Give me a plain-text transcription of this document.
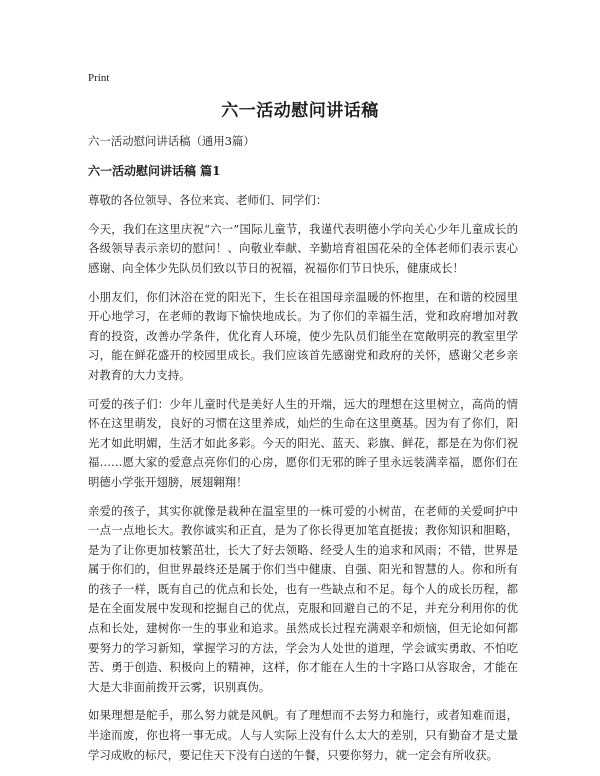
Print
六一活动慰问讲话稿

六一活动慰问讲话稿（通用3篇）

六一活动慰问讲话稿 篇1

尊敬的各位领导、各位来宾、老师们、同学们：

今天，我们在这里庆祝“六一”国际儿童节，我谨代表明德小学向关心少年儿童成长的各级领导表示亲切的慰问！、向敬业奉献、辛勤培育祖国花朵的全体老师们表示衷心感谢、向全体少先队员们致以节日的祝福，祝福你们节日快乐，健康成长！

小朋友们，你们沐浴在党的阳光下，生长在祖国母亲温暖的怀抱里，在和谐的校园里开心地学习，在老师的教诲下愉快地成长。为了你们的幸福生活，党和政府增加对教育的投资，改善办学条件，优化育人环境，使少先队员们能坐在宽敞明亮的教室里学习，能在鲜花盛开的校园里成长。我们应该首先感谢党和政府的关怀，感谢父老乡亲对教育的大力支持。

可爱的孩子们：少年儿童时代是美好人生的开端，远大的理想在这里树立，高尚的情怀在这里萌发，良好的习惯在这里养成，灿烂的生命在这里奠基。因为有了你们，阳光才如此明媚，生活才如此多彩。今天的阳光、蓝天、彩旗、鲜花，都是在为你们祝福……愿大家的爱意点亮你们的心房，愿你们无邪的眸子里永远装满幸福，愿你们在明德小学张开翅膀，展翅翱翔！

亲爱的孩子，其实你就像是栽种在温室里的一株可爱的小树苗，在老师的关爱呵护中一点一点地长大。教你诚实和正直，是为了你长得更加笔直挺拔；教你知识和胆略，是为了让你更加枝繁茁壮，长大了好去领略、经受人生的追求和风雨；不错，世界是属于你们的，但世界最终还是属于你们当中健康、自强、阳光和智慧的人。你和所有的孩子一样，既有自己的优点和长处，也有一些缺点和不足。每个人的成长历程，都是在全面发展中发现和挖掘自己的优点，克服和回避自己的不足，并充分利用你的优点和长处，建树你一生的事业和追求。虽然成长过程充满艰辛和烦恼，但无论如何都要努力的学习新知，掌握学习的方法，学会为人处世的道理，学会诚实勇敢、不怕吃苦、勇于创造、积极向上的精神，这样，你才能在人生的十字路口从容取舍，才能在大是大非面前拨开云雾，识别真伪。

如果理想是舵手，那么努力就是风帆。有了理想而不去努力和施行，或者知难而退，半途而废，你也将一事无成。人与人实际上没有什么太大的差别，只有勤奋才是丈量学习成败的标尺，要记住天下没有白送的午餐，只要你努力，就一定会有所收获。
